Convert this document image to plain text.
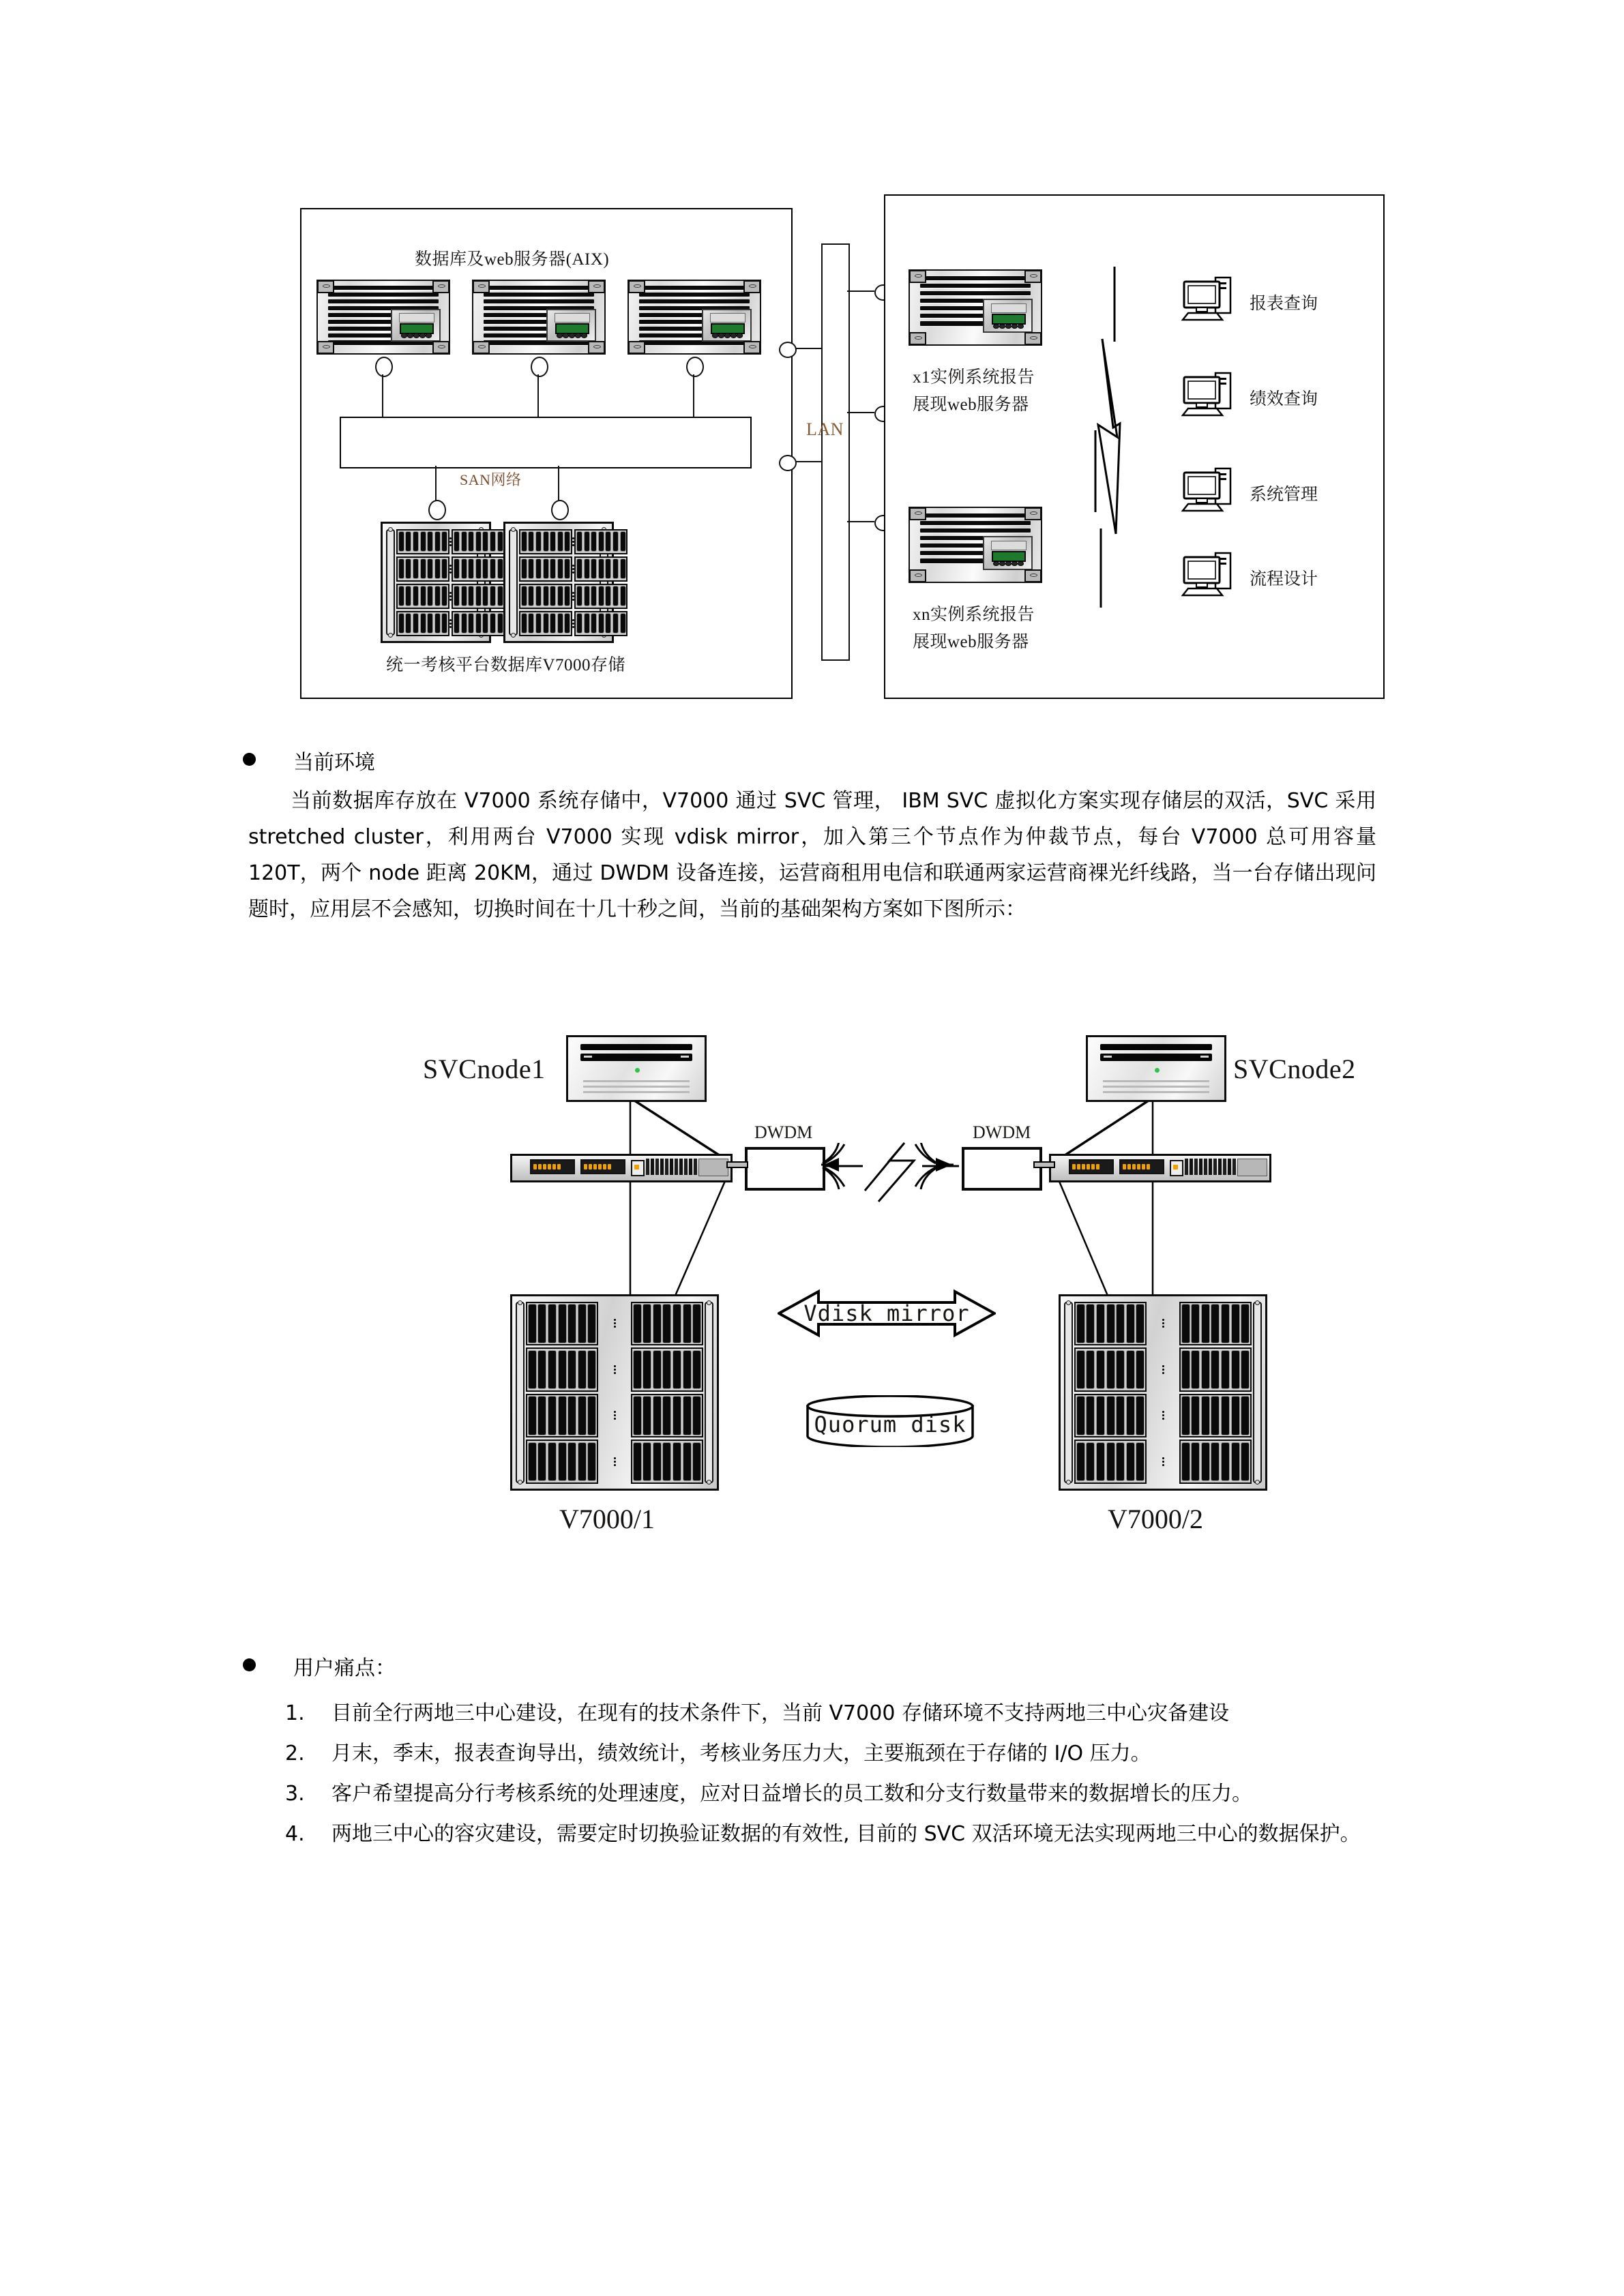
数据库及web服务器(AIX)
SAN网络
统一考核平台数据库V7000存储
LAN
x1实例系统报告
展现web服务器
xn实例系统报告
展现web服务器
报表查询
绩效查询
系统管理
流程设计
当前环境
当前数据库存放在 V7000 系统存储中，V7000 通过 SVC 管理， IBM SVC 虚拟化方案实现存储层的双活，SVC 采用 stretched cluster，利用两台 V7000 实现 vdisk mirror，加入第三个节点作为仲裁节点，每台 V7000 总可用容量 120T，两个 node 距离 20KM，通过 DWDM 设备连接，运营商租用电信和联通两家运营商裸光纤线路，当一台存储出现问题时，应用层不会感知，切换时间在十几十秒之间，当前的基础架构方案如下图所示：
SVCnode1	SVCnode2
DWDM	DWDM
V7000/1	V7000/2
Vdisk mirror
Quorum disk
用户痛点：
1.	目前全行两地三中心建设，在现有的技术条件下，当前 V7000 存储环境不支持两地三中心灾备建设
2.	月末，季末，报表查询导出，绩效统计，考核业务压力大，主要瓶颈在于存储的 I/O 压力。
3.	客户希望提高分行考核系统的处理速度，应对日益增长的员工数和分支行数量带来的数据增长的压力。
4.	两地三中心的容灾建设，需要定时切换验证数据的有效性, 目前的 SVC 双活环境无法实现两地三中心的数据保护。
